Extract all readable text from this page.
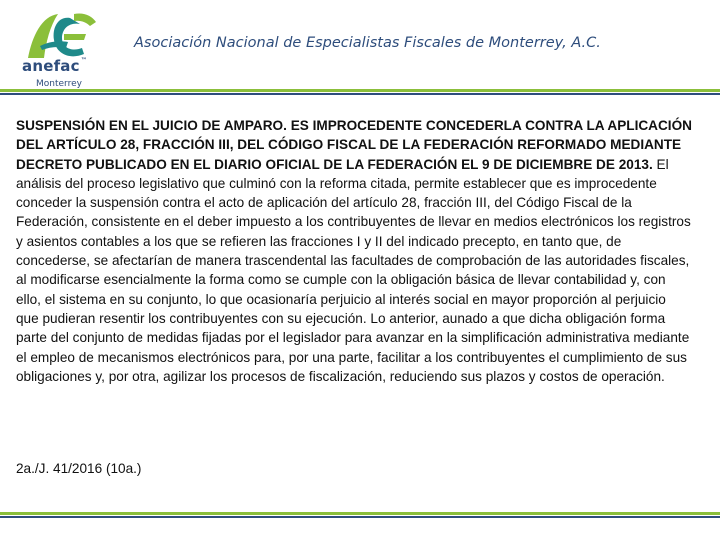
anefac™
Monterrey
Asociación Nacional de Especialistas Fiscales de Monterrey, A.C.

SUSPENSIÓN EN EL JUICIO DE AMPARO. ES IMPROCEDENTE CONCEDERLA CONTRA LA APLICACIÓN DEL ARTÍCULO 28, FRACCIÓN III, DEL CÓDIGO FISCAL DE LA FEDERACIÓN REFORMADO MEDIANTE DECRETO PUBLICADO EN EL DIARIO OFICIAL DE LA FEDERACIÓN EL 9 DE DICIEMBRE DE 2013. El análisis del proceso legislativo que culminó con la reforma citada, permite establecer que es improcedente conceder la suspensión contra el acto de aplicación del artículo 28, fracción III, del Código Fiscal de la Federación, consistente en el deber impuesto a los contribuyentes de llevar en medios electrónicos los registros y asientos contables a los que se refieren las fracciones I y II del indicado precepto, en tanto que, de concederse, se afectarían de manera trascendental las facultades de comprobación de las autoridades fiscales, al modificarse esencialmente la forma como se cumple con la obligación básica de llevar contabilidad y, con ello, el sistema en su conjunto, lo que ocasionaría perjuicio al interés social en mayor proporción al perjuicio que pudieran resentir los contribuyentes con su ejecución. Lo anterior, aunado a que dicha obligación forma parte del conjunto de medidas fijadas por el legislador para avanzar en la simplificación administrativa mediante el empleo de mecanismos electrónicos para, por una parte, facilitar a los contribuyentes el cumplimiento de sus obligaciones y, por otra, agilizar los procesos de fiscalización, reduciendo sus plazos y costos de operación.

2a./J. 41/2016 (10a.)
